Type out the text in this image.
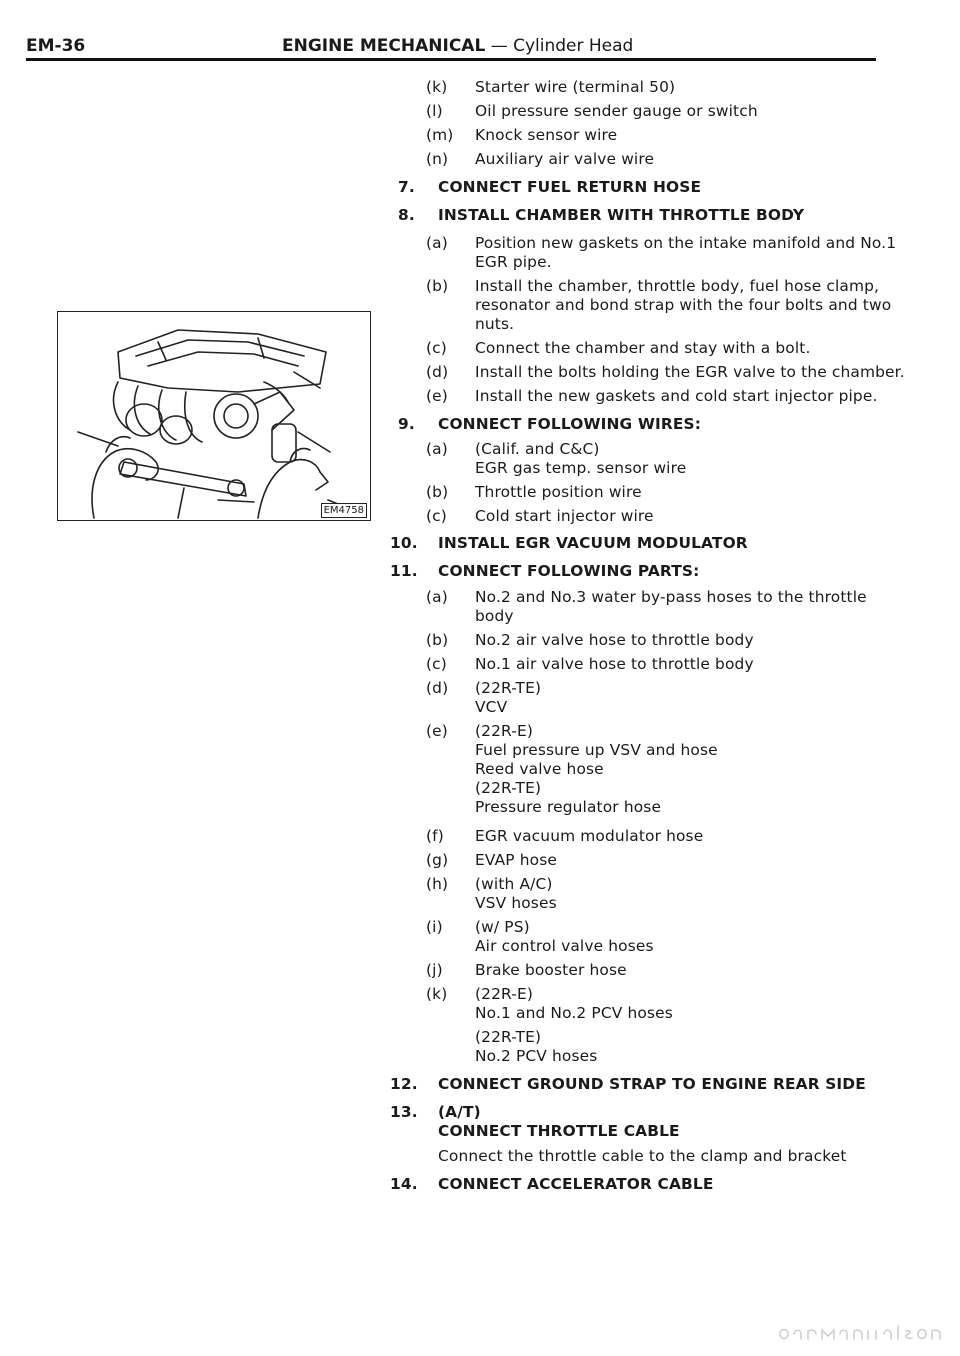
EM-36	ENGINE MECHANICAL — Cylinder Head
EM4758
(k) Starter wire (terminal 50)
(l) Oil pressure sender gauge or switch
(m) Knock sensor wire
(n) Auxiliary air valve wire
7. CONNECT FUEL RETURN HOSE
8. INSTALL CHAMBER WITH THROTTLE BODY
(a) Position new gaskets on the intake manifold and No.1
EGR pipe.
(b) Install the chamber, throttle body, fuel hose clamp,
resonator and bond strap with the four bolts and two
nuts.
(c) Connect the chamber and stay with a bolt.
(d) Install the bolts holding the EGR valve to the chamber.
(e) Install the new gaskets and cold start injector pipe.
9. CONNECT FOLLOWING WIRES:
(a) (Calif. and C&C)
EGR gas temp. sensor wire
(b) Throttle position wire
(c) Cold start injector wire
10. INSTALL EGR VACUUM MODULATOR
11. CONNECT FOLLOWING PARTS:
(a) No.2 and No.3 water by-pass hoses to the throttle
body
(b) No.2 air valve hose to throttle body
(c) No.1 air valve hose to throttle body
(d) (22R-TE)
VCV
(e) (22R-E)
Fuel pressure up VSV and hose
Reed valve hose
(22R-TE)
Pressure regulator hose
(f) EGR vacuum modulator hose
(g) EVAP hose
(h) (with A/C)
VSV hoses
(i) (w/ PS)
Air control valve hoses
(j) Brake booster hose
(k) (22R-E)
No.1 and No.2 PCV hoses
(22R-TE)
No.2 PCV hoses
12. CONNECT GROUND STRAP TO ENGINE REAR SIDE
13. (A/T)
CONNECT THROTTLE CABLE
Connect the throttle cable to the clamp and bracket
14. CONNECT ACCELERATOR CABLE
